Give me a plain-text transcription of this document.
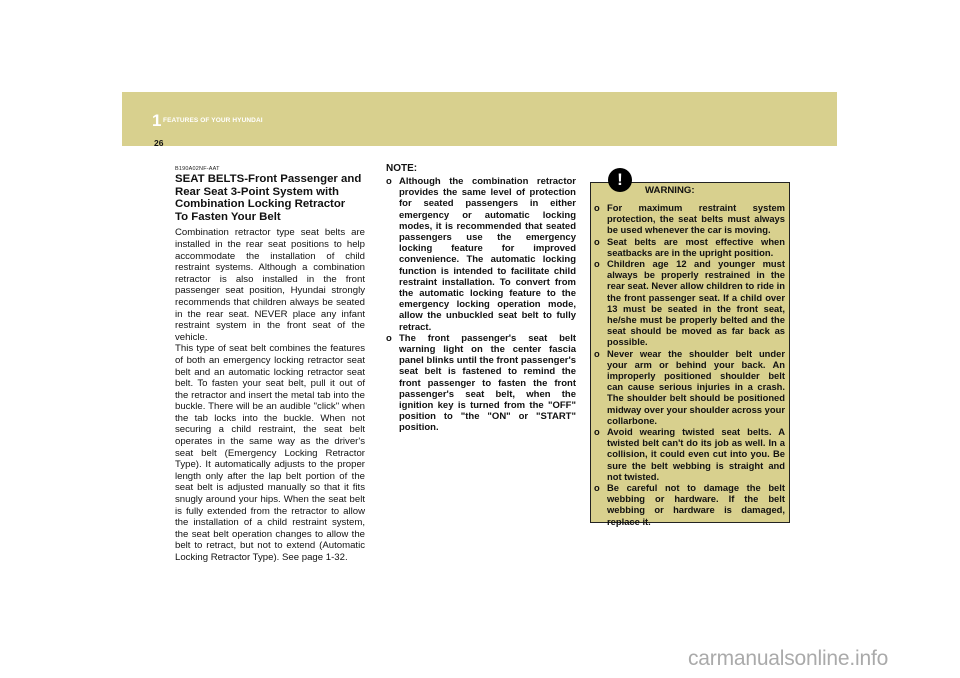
1 FEATURES OF YOUR HYUNDAI
26
B190A02NF-AAT
SEAT BELTS-Front Passenger and
Rear Seat 3-Point System with
Combination Locking Retractor
To Fasten Your Belt

Combination retractor type seat belts are installed in the rear seat positions to help accommodate the installation of child restraint systems. Although a combination retractor is also installed in the front passenger seat position, Hyundai strongly recommends that children always be seated in the rear seat. NEVER place any infant restraint system in the front seat of the vehicle.

This type of seat belt combines the features of both an emergency locking retractor seat belt and an automatic locking retractor seat belt. To fasten your seat belt, pull it out of the retractor and insert the metal tab into the buckle. There will be an audible "click" when the tab locks into the buckle. When not securing a child restraint, the seat belt operates in the same way as the driver's seat belt (Emergency Locking Retractor Type). It automatically adjusts to the proper length only after the lap belt portion of the seat belt is adjusted manually so that it fits snugly around your hips. When the seat belt is fully extended from the retractor to allow the installation of a child restraint system, the seat belt operation changes to allow the belt to retract, but not to extend (Automatic Locking Retractor Type). See page 1-32.

NOTE:
o Although the combination retractor provides the same level of protection for seated passengers in either emergency or automatic locking modes, it is recommended that seated passengers use the emergency locking feature for improved convenience. The automatic locking function is intended to facilitate child restraint installation. To convert from the automatic locking feature to the emergency locking operation mode, allow the unbuckled seat belt to fully retract.
o The front passenger's seat belt warning light on the center fascia panel blinks until the front passenger's seat belt is fastened to remind the front passenger to fasten the front passenger's seat belt, when the ignition key is turned from the "OFF" position to "the "ON" or "START" position.
o For maximum restraint system protection, the seat belts must always be used whenever the car is moving.
o Seat belts are most effective when seatbacks are in the upright position.
o Children age 12 and younger must always be properly restrained in the rear seat. Never allow children to ride in the front passenger seat. If a child over 13 must be seated in the front seat, he/she must be properly belted and the seat should be moved as far back as possible.
o Never wear the shoulder belt under your arm or behind your back. An improperly positioned shoulder belt can cause serious injuries in a crash. The shoulder belt should be positioned midway over your shoulder across your collarbone.
o Avoid wearing twisted seat belts. A twisted belt can't do its job as well. In a collision, it could even cut into you. Be sure the belt webbing is straight and not twisted.
o Be careful not to damage the belt webbing or hardware. If the belt webbing or hardware is damaged, replace it.
!
WARNING:
carmanualsonline.info
